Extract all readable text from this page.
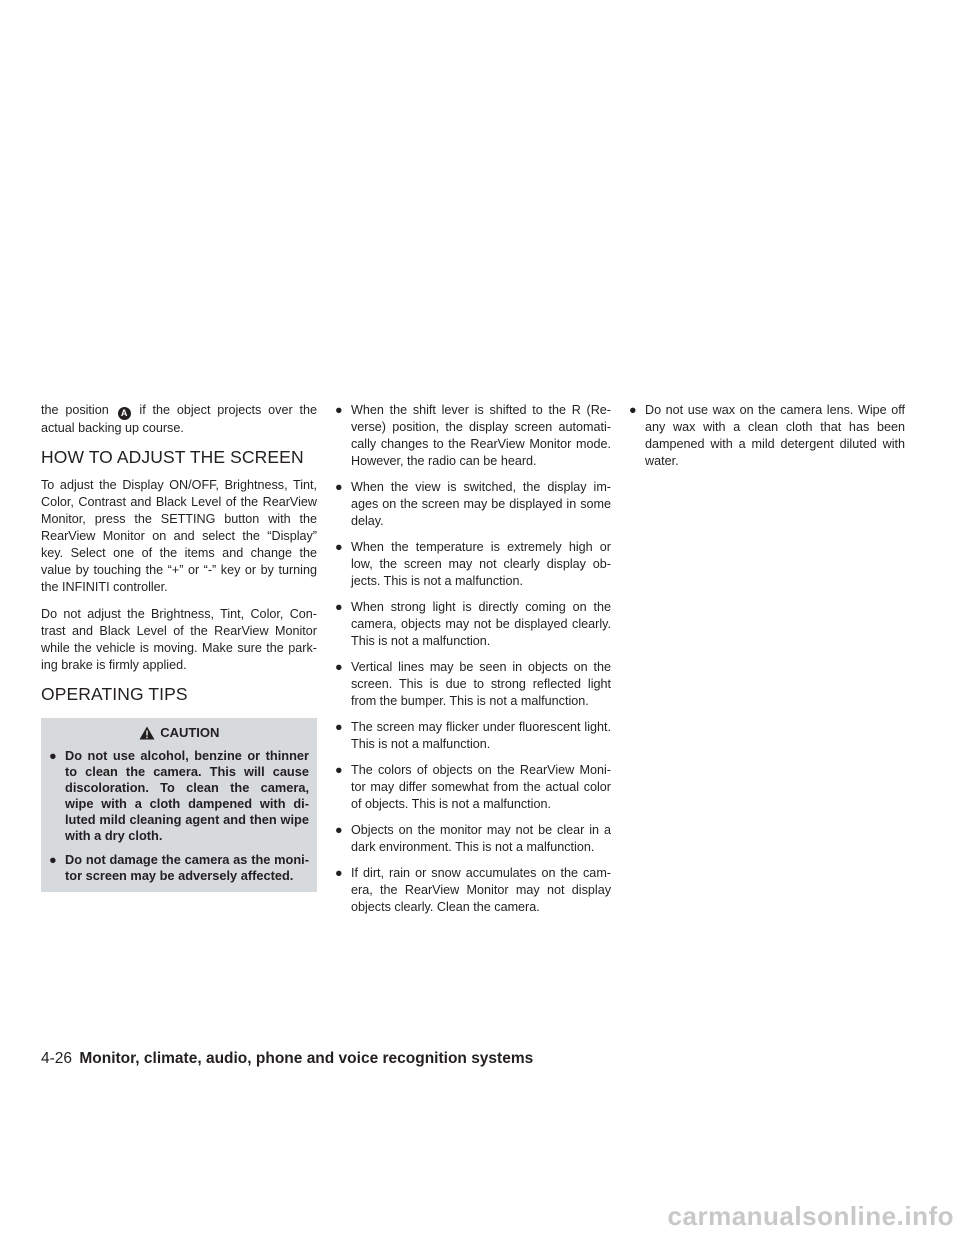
the position A if the object projects over the actual backing up course.

HOW TO ADJUST THE SCREEN

To adjust the Display ON/OFF, Brightness, Tint, Color, Contrast and Black Level of the RearView Monitor, press the SETTING button with the RearView Monitor on and select the “Display” key. Select one of the items and change the value by touching the “+” or “-” key or by turning the INFINITI controller.

Do not adjust the Brightness, Tint, Color, Con-trast and Black Level of the RearView Monitor while the vehicle is moving. Make sure the park-ing brake is firmly applied.

OPERATING TIPS
CAUTION
● Do not use alcohol, benzine or thinner to clean the camera. This will cause discoloration. To clean the camera, wipe with a cloth dampened with di-luted mild cleaning agent and then wipe with a dry cloth.
● Do not damage the camera as the moni-tor screen may be adversely affected.
● When the shift lever is shifted to the R (Re-verse) position, the display screen automati-cally changes to the RearView Monitor mode. However, the radio can be heard.
● When the view is switched, the display im-ages on the screen may be displayed in some delay.
● When the temperature is extremely high or low, the screen may not clearly display ob-jects. This is not a malfunction.
● When strong light is directly coming on the camera, objects may not be displayed clearly. This is not a malfunction.
● Vertical lines may be seen in objects on the screen. This is due to strong reflected light from the bumper. This is not a malfunction.
● The screen may flicker under fluorescent light. This is not a malfunction.
● The colors of objects on the RearView Moni-tor may differ somewhat from the actual color of objects. This is not a malfunction.
● Objects on the monitor may not be clear in a dark environment. This is not a malfunction.
● If dirt, rain or snow accumulates on the cam-era, the RearView Monitor may not display objects clearly. Clean the camera.
● Do not use wax on the camera lens. Wipe off any wax with a clean cloth that has been dampened with a mild detergent diluted with water.
4-26 Monitor, climate, audio, phone and voice recognition systems
carmanualsonline.info
